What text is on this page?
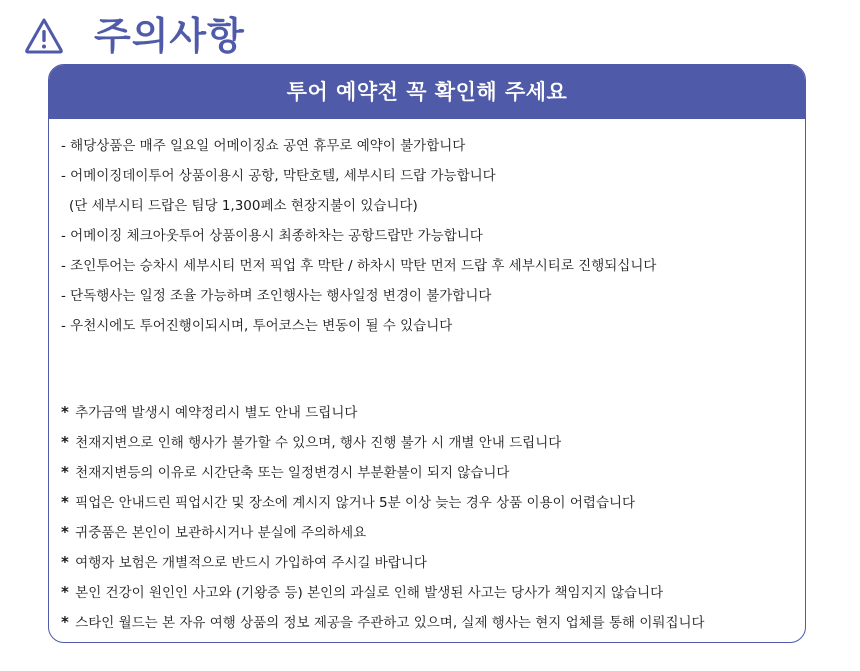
주의사항
투어 예약전 꼭 확인해 주세요
- 해당상품은 매주 일요일 어메이징쇼 공연 휴무로 예약이 불가합니다
- 어메이징데이투어 상품이용시 공항, 막탄호텔, 세부시티 드랍 가능합니다
(단 세부시티 드랍은 팀당 1,300페소 현장지불이 있습니다)
- 어메이징 체크아웃투어 상품이용시 최종하차는 공항드랍만 가능합니다
- 조인투어는 승차시 세부시티 먼저 픽업 후 막탄 / 하차시 막탄 먼저 드랍 후 세부시티로 진행되십니다
- 단독행사는 일정 조율 가능하며 조인행사는 행사일정 변경이 불가합니다
- 우천시에도 투어진행이되시며, 투어코스는 변동이 될 수 있습니다
* 추가금액 발생시 예약정리시 별도 안내 드립니다
* 천재지변으로 인해 행사가 불가할 수 있으며, 행사 진행 불가 시 개별 안내 드립니다
* 천재지변등의 이유로 시간단축 또는 일정변경시 부분환불이 되지 않습니다
* 픽업은 안내드린 픽업시간 및 장소에 계시지 않거나 5분 이상 늦는 경우 상품 이용이 어렵습니다
* 귀중품은 본인이 보관하시거나 분실에 주의하세요
* 여행자 보험은 개별적으로 반드시 가입하여 주시길 바랍니다
* 본인 건강이 원인인 사고와 (기왕증 등) 본인의 과실로 인해 발생된 사고는 당사가 책임지지 않습니다
* 스타인 월드는 본 자유 여행 상품의 정보 제공을 주관하고 있으며, 실제 행사는 현지 업체를 통해 이뤄집니다
